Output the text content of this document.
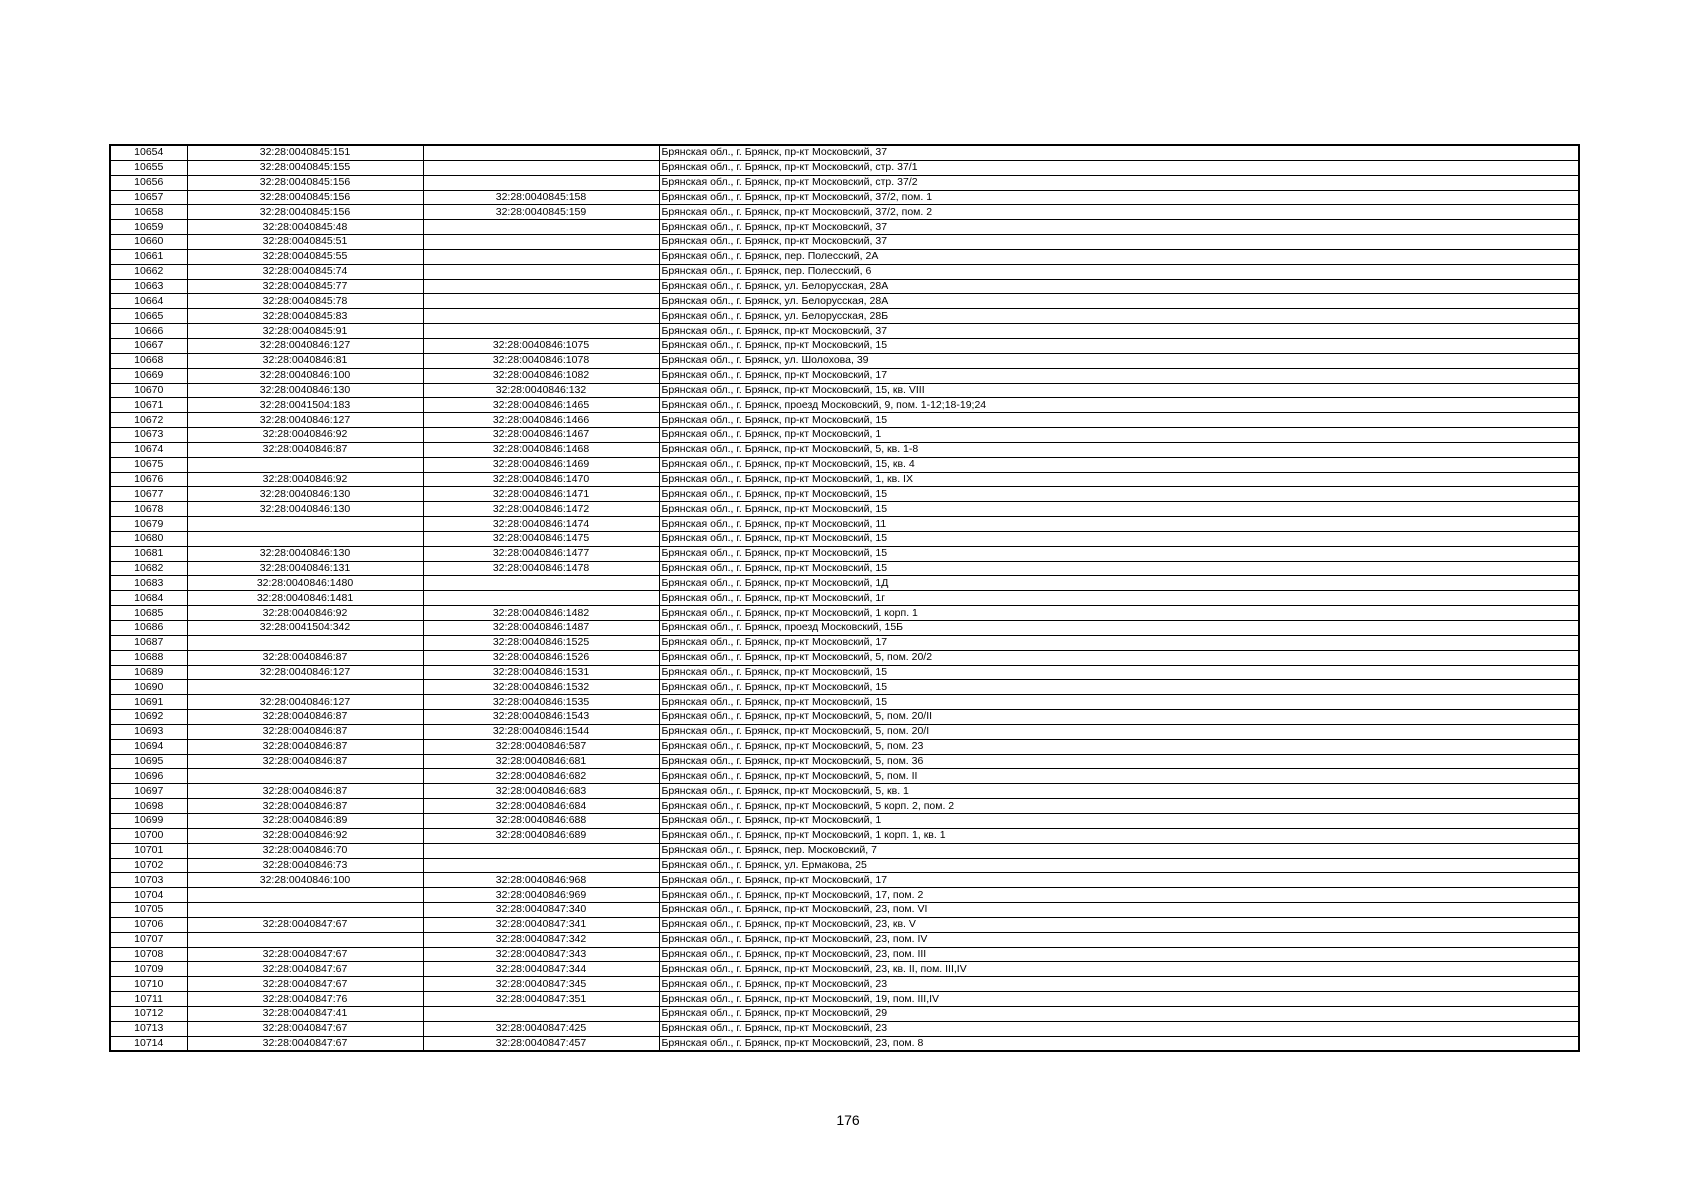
10654	32:28:0040845:151		Брянская обл., г. Брянск, пр-кт Московский, 37
10655	32:28:0040845:155		Брянская обл., г. Брянск, пр-кт Московский, стр. 37/1
10656	32:28:0040845:156		Брянская обл., г. Брянск, пр-кт Московский, стр. 37/2
10657	32:28:0040845:156	32:28:0040845:158	Брянская обл., г. Брянск, пр-кт Московский, 37/2, пом. 1
10658	32:28:0040845:156	32:28:0040845:159	Брянская обл., г. Брянск, пр-кт Московский, 37/2, пом. 2
10659	32:28:0040845:48		Брянская обл., г. Брянск, пр-кт Московский, 37
10660	32:28:0040845:51		Брянская обл., г. Брянск, пр-кт Московский, 37
10661	32:28:0040845:55		Брянская обл., г. Брянск, пер. Полесский, 2А
10662	32:28:0040845:74		Брянская обл., г. Брянск, пер. Полесский, 6
10663	32:28:0040845:77		Брянская обл., г. Брянск, ул. Белорусская, 28А
10664	32:28:0040845:78		Брянская обл., г. Брянск, ул. Белорусская, 28А
10665	32:28:0040845:83		Брянская обл., г. Брянск, ул. Белорусская, 28Б
10666	32:28:0040845:91		Брянская обл., г. Брянск, пр-кт Московский, 37
10667	32:28:0040846:127	32:28:0040846:1075	Брянская обл., г. Брянск, пр-кт Московский, 15
10668	32:28:0040846:81	32:28:0040846:1078	Брянская обл., г. Брянск, ул. Шолохова, 39
10669	32:28:0040846:100	32:28:0040846:1082	Брянская обл., г. Брянск, пр-кт Московский, 17
10670	32:28:0040846:130	32:28:0040846:132	Брянская обл., г. Брянск, пр-кт Московский, 15, кв. VIII
10671	32:28:0041504:183	32:28:0040846:1465	Брянская обл., г. Брянск, проезд Московский, 9, пом. 1-12;18-19;24
10672	32:28:0040846:127	32:28:0040846:1466	Брянская обл., г. Брянск, пр-кт Московский, 15
10673	32:28:0040846:92	32:28:0040846:1467	Брянская обл., г. Брянск, пр-кт Московский, 1
10674	32:28:0040846:87	32:28:0040846:1468	Брянская обл., г. Брянск, пр-кт Московский, 5, кв. 1-8
10675		32:28:0040846:1469	Брянская обл., г. Брянск, пр-кт Московский, 15, кв. 4
10676	32:28:0040846:92	32:28:0040846:1470	Брянская обл., г. Брянск, пр-кт Московский, 1, кв. IX
10677	32:28:0040846:130	32:28:0040846:1471	Брянская обл., г. Брянск, пр-кт Московский, 15
10678	32:28:0040846:130	32:28:0040846:1472	Брянская обл., г. Брянск, пр-кт Московский, 15
10679		32:28:0040846:1474	Брянская обл., г. Брянск, пр-кт Московский, 11
10680		32:28:0040846:1475	Брянская обл., г. Брянск, пр-кт Московский, 15
10681	32:28:0040846:130	32:28:0040846:1477	Брянская обл., г. Брянск, пр-кт Московский, 15
10682	32:28:0040846:131	32:28:0040846:1478	Брянская обл., г. Брянск, пр-кт Московский, 15
10683	32:28:0040846:1480		Брянская обл., г. Брянск, пр-кт Московский, 1Д
10684	32:28:0040846:1481		Брянская обл., г. Брянск, пр-кт Московский, 1г
10685	32:28:0040846:92	32:28:0040846:1482	Брянская обл., г. Брянск, пр-кт Московский, 1 корп. 1
10686	32:28:0041504:342	32:28:0040846:1487	Брянская обл., г. Брянск, проезд Московский, 15Б
10687		32:28:0040846:1525	Брянская обл., г. Брянск, пр-кт Московский, 17
10688	32:28:0040846:87	32:28:0040846:1526	Брянская обл., г. Брянск, пр-кт Московский, 5, пом. 20/2
10689	32:28:0040846:127	32:28:0040846:1531	Брянская обл., г. Брянск, пр-кт Московский, 15
10690		32:28:0040846:1532	Брянская обл., г. Брянск, пр-кт Московский, 15
10691	32:28:0040846:127	32:28:0040846:1535	Брянская обл., г. Брянск, пр-кт Московский, 15
10692	32:28:0040846:87	32:28:0040846:1543	Брянская обл., г. Брянск, пр-кт Московский, 5, пом. 20/II
10693	32:28:0040846:87	32:28:0040846:1544	Брянская обл., г. Брянск, пр-кт Московский, 5, пом. 20/I
10694	32:28:0040846:87	32:28:0040846:587	Брянская обл., г. Брянск, пр-кт Московский, 5, пом. 23
10695	32:28:0040846:87	32:28:0040846:681	Брянская обл., г. Брянск, пр-кт Московский, 5, пом. 36
10696		32:28:0040846:682	Брянская обл., г. Брянск, пр-кт Московский, 5, пом. II
10697	32:28:0040846:87	32:28:0040846:683	Брянская обл., г. Брянск, пр-кт Московский, 5, кв. 1
10698	32:28:0040846:87	32:28:0040846:684	Брянская обл., г. Брянск, пр-кт Московский, 5 корп. 2, пом. 2
10699	32:28:0040846:89	32:28:0040846:688	Брянская обл., г. Брянск, пр-кт Московский, 1
10700	32:28:0040846:92	32:28:0040846:689	Брянская обл., г. Брянск, пр-кт Московский, 1 корп. 1, кв. 1
10701	32:28:0040846:70		Брянская обл., г. Брянск, пер. Московский, 7
10702	32:28:0040846:73		Брянская обл., г. Брянск, ул. Ермакова, 25
10703	32:28:0040846:100	32:28:0040846:968	Брянская обл., г. Брянск, пр-кт Московский, 17
10704		32:28:0040846:969	Брянская обл., г. Брянск, пр-кт Московский, 17, пом. 2
10705		32:28:0040847:340	Брянская обл., г. Брянск, пр-кт Московский, 23, пом. VI
10706	32:28:0040847:67	32:28:0040847:341	Брянская обл., г. Брянск, пр-кт Московский, 23, кв. V
10707		32:28:0040847:342	Брянская обл., г. Брянск, пр-кт Московский, 23, пом. IV
10708	32:28:0040847:67	32:28:0040847:343	Брянская обл., г. Брянск, пр-кт Московский, 23, пом. III
10709	32:28:0040847:67	32:28:0040847:344	Брянская обл., г. Брянск, пр-кт Московский, 23, кв. II, пом. III,IV
10710	32:28:0040847:67	32:28:0040847:345	Брянская обл., г. Брянск, пр-кт Московский, 23
10711	32:28:0040847:76	32:28:0040847:351	Брянская обл., г. Брянск, пр-кт Московский, 19, пом. III,IV
10712	32:28:0040847:41		Брянская обл., г. Брянск, пр-кт Московский, 29
10713	32:28:0040847:67	32:28:0040847:425	Брянская обл., г. Брянск, пр-кт Московский, 23
10714	32:28:0040847:67	32:28:0040847:457	Брянская обл., г. Брянск, пр-кт Московский, 23, пом. 8
176
